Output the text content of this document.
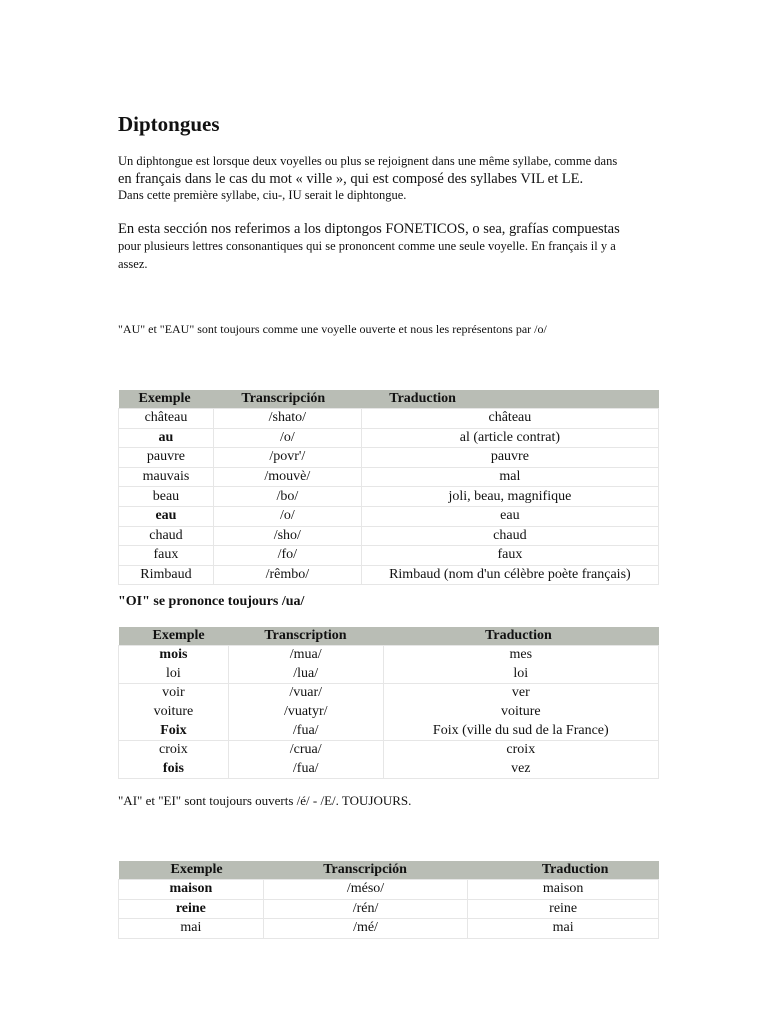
Diptongues

Un diphtongue est lorsque deux voyelles ou plus se rejoignent dans une même syllabe, comme dans

en français dans le cas du mot « ville », qui est composé des syllabes VIL et LE.

Dans cette première syllabe, ciu-, IU serait le diphtongue.

En esta sección nos referimos a los diptongos FONETICOS, o sea, grafías compuestas

pour plusieurs lettres consonantiques qui se prononcent comme une seule voyelle. En français il y a

assez.

"AU" et "EAU" sont toujours comme une voyelle ouverte et nous les représentons par /o/

Exemple	Transcripción	Traduction
château	/shato/	château
au	/o/	al (article contrat)
pauvre	/povr'/	pauvre
mauvais	/mouvè/	mal
beau	/bo/	joli, beau, magnifique
eau	/o/	eau
chaud	/sho/	chaud
faux	/fo/	faux
Rimbaud	/rêmbo/	Rimbaud (nom d'un célèbre poète français)

"OI" se prononce toujours /ua/

Exemple	Transcription	Traduction
mois	/mua/	mes
loi	/lua/	loi
voir	/vuar/	ver
voiture	/vuatyr/	voiture
Foix	/fua/	Foix (ville du sud de la France)
croix	/crua/	croix
fois	/fua/	vez

"AI" et "EI" sont toujours ouverts /é/ - /E/. TOUJOURS.

Exemple	Transcripción	Traduction
maison	/méso/	maison
reine	/rén/	reine
mai	/mé/	mai
